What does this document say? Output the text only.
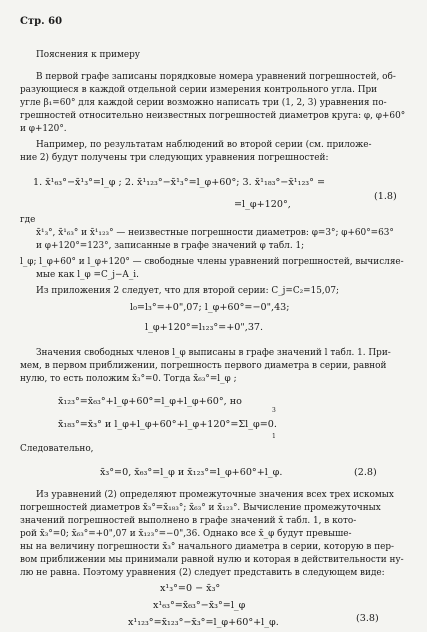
Стр. 60
Пояснения к примеру
В первой графе записаны порядковые номера уравнений погрешностей, об-
разующиеся в каждой отдельной серии измерения контрольного угла. При
угле β₁=60° для каждой серии возможно написать три (1, 2, 3) уравнения по-
грешностей относительно неизвестных погрешностей диаметров круга: φ, φ+60°
и φ+120°.
Например, по результатам наблюдений во второй серии (см. приложе-
ние 2) будут получены три следующих уравнения погрешностей:
1. x̄¹₆₃°−x̄¹₃°=l_φ ; 2. x̄¹₁₂₃°−x̄¹₃°=l_φ+60°; 3. x̄¹₁₈₃°−x̄¹₁₂₃° =
=l_φ+120°,
(1.8)
где
x̄¹₃°, x̄¹₆₃° и x̄¹₁₂₃° — неизвестные погрешности диаметров: φ=3°; φ+60°=63°
и φ+120°=123°, записанные в графе значений φ табл. 1;
l_φ; l_φ+60° и l_φ+120° — свободные члены уравнений погрешностей, вычисляе-
мые как l_φ =C_j−A_i.
Из приложения 2 следует, что для второй серии: C_j=C₂=15,07;
l₀=l₃°=+0",07; l_φ+60°=−0",43;
l_φ+120°=l₁₂₃°=+0",37.
Значения свободных членов l_φ выписаны в графе значений l табл. 1. При-
мем, в первом приближении, погрешность первого диаметра в серии, равной
нулю, то есть положим x̄₃°=0. Тогда x̄₆₃°=l_φ ;
x̄₁₂₃°=x̄₆₃°+l_φ+60°=l_φ+l_φ+60°, но
x̄₁₈₃°=x̄₃° и l_φ+l_φ+60°+l_φ+120°=Σl_φ=0.
3
1
Следовательно,
x̄₃°=0, x̄₆₃°=l_φ и x̄₁₂₃°=l_φ+60°+l_φ.	(2.8)
Из уравнений (2) определяют промежуточные значения всех трех искомых
погрешностей диаметров x̄₃°=x̄₁₈₃°; x̄₆₃° и x̄₁₂₃°. Вычисление промежуточных
значений погрешностей выполнено в графе значений x̄ табл. 1, в кото-
рой x̄₃°=0; x̄₆₃°=+0",07 и x̄₁₂₃°=−0",36. Однако все x̄_φ будут превыше-
ны на величину погрешности x̄₃° начального диаметра в серии, которую в пер-
вом приближении мы принимали равной нулю и которая в действительности ну-
лю не равна. Поэтому уравнения (2) следует представить в следующем виде:
x¹₃°=0 − x̄₃°
x¹₆₃°=x̄₆₃°−x̄₃°=l_φ
x¹₁₂₃°=x̄₁₂₃°−x̄₃°=l_φ+60°+l_φ.	(3.8)
